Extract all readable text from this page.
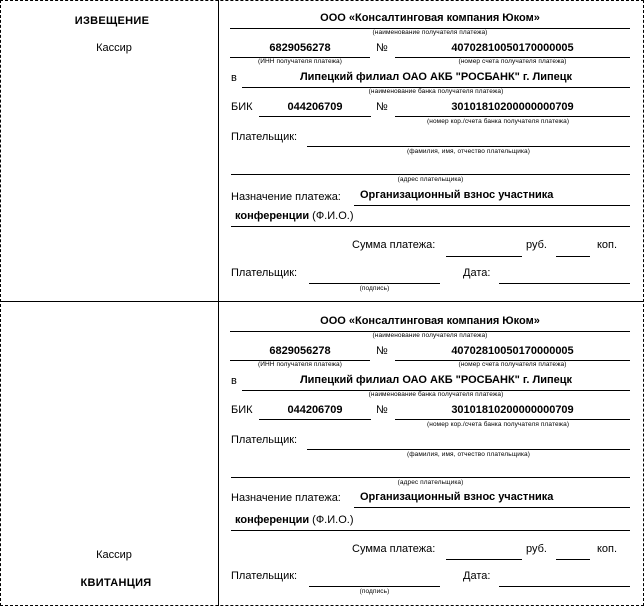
ИЗВЕЩЕНИЕ
Кассир
Кассир
КВИТАНЦИЯ
ООО «Консалтинговая компания Юком»
(наименование получателя платежа)
6829056278
(ИНН получателя платежа)
№	40702810050170000005
(номер счета получателя платежа)
в	Липецкий филиал ОАО АКБ "РОСБАНК" г. Липецк
(наименование банка получателя платежа)
БИК	044206709	№	30101810200000000709
(номер кор./счета банка получателя платежа)
Плательщик:
(фамилия, имя, отчество плательщика)
(адрес плательщика)
Назначение платежа: Организационный взнос участника
конференции (Ф.И.О.)
Сумма платежа:	руб.	коп.
Плательщик:
(подпись)
Дата:
ООО «Консалтинговая компания Юком»
(наименование получателя платежа)
6829056278
(ИНН получателя платежа)
№	40702810050170000005
(номер счета получателя платежа)
в	Липецкий филиал ОАО АКБ "РОСБАНК" г. Липецк
(наименование банка получателя платежа)
БИК	044206709	№	30101810200000000709
(номер кор./счета банка получателя платежа)
Плательщик:
(фамилия, имя, отчество плательщика)
(адрес плательщика)
Назначение платежа: Организационный взнос участника
конференции (Ф.И.О.)
Сумма платежа:	руб.	коп.
Плательщик:
(подпись)
Дата:
